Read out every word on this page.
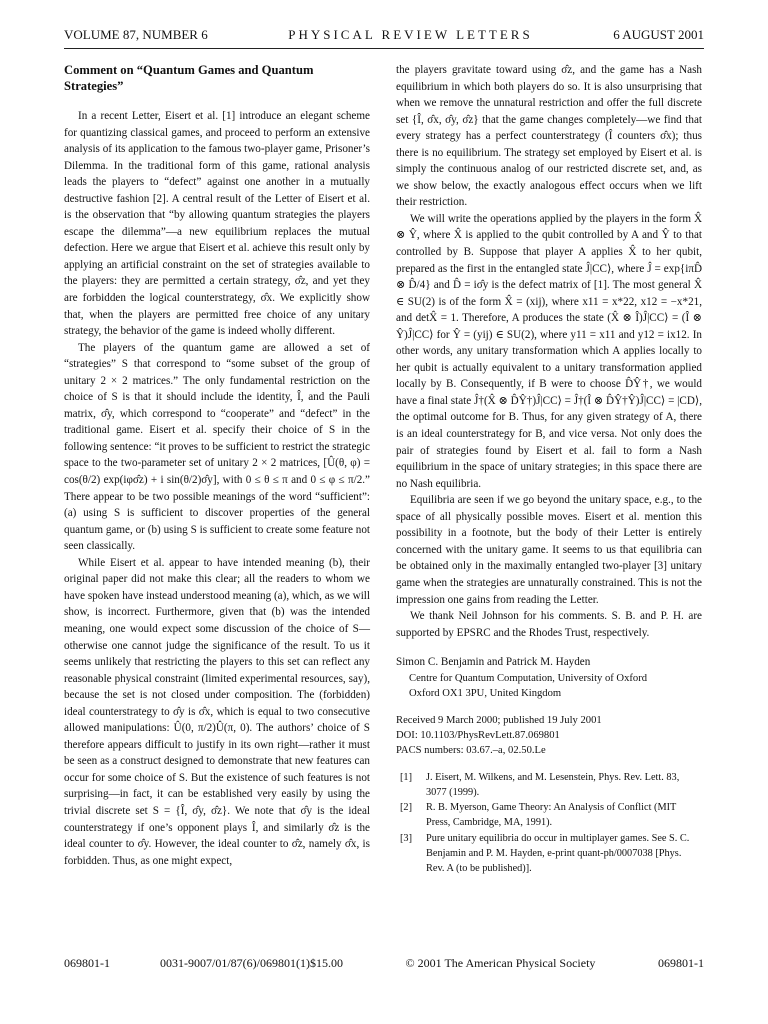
VOLUME 87, NUMBER 6	PHYSICAL REVIEW LETTERS	6 AUGUST 2001
Comment on “Quantum Games and Quantum Strategies”

In a recent Letter, Eisert et al. [1] introduce an elegant scheme for quantizing classical games, and proceed to perform an extensive analysis of its application to the famous two-player game, Prisoner’s Dilemma. In the traditional form of this game, rational analysis leads the players to “defect” against one another in a mutually destructive fashion [2]. A central result of the Letter of Eisert et al. is the observation that “by allowing quantum strategies the players escape the dilemma”—a new equilibrium replaces the mutual defection. Here we argue that Eisert et al. achieve this result only by applying an artificial constraint on the set of strategies available to the players: they are permitted a certain strategy, σ̂z, and yet they are forbidden the logical counterstrategy, σ̂x. We explicitly show that, when the players are permitted free choice of any unitary strategy, the behavior of the game is indeed wholly different.

The players of the quantum game are allowed a set of “strategies” S that correspond to “some subset of the group of unitary 2 × 2 matrices.” The only fundamental restriction on the choice of S is that it should include the identity, Î, and the Pauli matrix, σ̂y, which correspond to “cooperate” and “defect” in the traditional game. Eisert et al. specify their choice of S in the following sentence: “it proves to be sufficient to restrict the strategic space to the two-parameter set of unitary 2 × 2 matrices, [Û(θ, φ) = cos(θ/2) exp(iφσ̂z) + i sin(θ/2)σ̂y], with 0 ≤ θ ≤ π and 0 ≤ φ ≤ π/2.” There appear to be two possible meanings of the word “sufficient”: (a) using S is sufficient to discover properties of the general quantum game, or (b) using S is sufficient to create some feature not seen classically.

While Eisert et al. appear to have intended meaning (b), their original paper did not make this clear; all the readers to whom we have spoken have instead understood meaning (a), which, as we will show, is incorrect. Furthermore, given that (b) was the intended meaning, one would expect some discussion of the choice of S—otherwise one cannot judge the significance of the result. To us it seems unlikely that restricting the players to this set can reflect any reasonable physical constraint (limited experimental resources, say), because the set is not closed under composition. The (forbidden) ideal counterstrategy to σ̂y is σ̂x, which is equal to two consecutive allowed manipulations: Û(0, π/2)Û(π, 0). The authors’ choice of S therefore appears difficult to justify in its own right—rather it must be seen as a construct designed to demonstrate that new features can occur for some choice of S. But the existence of such features is not surprising—in fact, it can be established very easily by using the trivial discrete set S = {Î, σ̂y, σ̂z}. We note that σ̂y is the ideal counterstrategy if one’s opponent plays Î, and similarly σ̂z is the ideal counter to σ̂y. However, the ideal counter to σ̂z, namely σ̂x, is forbidden. Thus, as one might expect,

the players gravitate toward using σ̂z, and the game has a Nash equilibrium in which both players do so. It is also unsurprising that when we remove the unnatural restriction and offer the full discrete set {Î, σ̂x, σ̂y, σ̂z} that the game changes completely—we find that every strategy has a perfect counterstrategy (Î counters σ̂x); thus there is no equilibrium. The strategy set employed by Eisert et al. is simply the continuous analog of our restricted discrete set, and, as we show below, the exactly analogous effect occurs when we lift their restriction.

We will write the operations applied by the players in the form X̂ ⊗ Ŷ, where X̂ is applied to the qubit controlled by A and Ŷ to that controlled by B. Suppose that player A applies X̂ to her qubit, prepared as the first in the entangled state Ĵ|CC⟩, where Ĵ = exp{iπD̂ ⊗ D̂/4} and D̂ = iσ̂y is the defect matrix of [1]. The most general X̂ ∈ SU(2) is of the form X̂ = (xij), where x11 = x*22, x12 = −x*21, and detX̂ = 1. Therefore, A produces the state (X̂ ⊗ Î)Ĵ|CC⟩ = (Î ⊗ Ŷ)Ĵ|CC⟩ for Ŷ = (yij) ∈ SU(2), where y11 = x11 and y12 = ix12. In other words, any unitary transformation which A applies locally to her qubit is actually equivalent to a unitary transformation applied locally by B. Consequently, if B were to choose D̂Ŷ†, we would have a final state Ĵ†(X̂ ⊗ D̂Ŷ†)Ĵ|CC⟩ = Ĵ†(Î ⊗ D̂Ŷ†Ŷ)Ĵ|CC⟩ = |CD⟩, the optimal outcome for B. Thus, for any given strategy of A, there is an ideal counterstrategy for B, and vice versa. Not only does the pair of strategies found by Eisert et al. fail to form a Nash equilibrium in the space of unitary strategies; in this space there are no Nash equilibria.

Equilibria are seen if we go beyond the unitary space, e.g., to the space of all physically possible moves. Eisert et al. mention this possibility in a footnote, but the body of their Letter is entirely concerned with the unitary game. It seems to us that equilibria can be obtained only in the maximally entangled two-player [3] unitary game when the strategies are unnaturally constrained. This is not the impression one gains from reading the Letter.

We thank Neil Johnson for his comments. S. B. and P. H. are supported by EPSRC and the Rhodes Trust, respectively.

Simon C. Benjamin and Patrick M. Hayden
Centre for Quantum Computation, University of Oxford
Oxford OX1 3PU, United Kingdom
Received 9 March 2000; published 19 July 2001
DOI: 10.1103/PhysRevLett.87.069801
PACS numbers: 03.67.–a, 02.50.Le
[1]	J. Eisert, M. Wilkens, and M. Lesenstein, Phys. Rev. Lett. 83, 3077 (1999).
[2]	R. B. Myerson, Game Theory: An Analysis of Conflict (MIT Press, Cambridge, MA, 1991).
[3]	Pure unitary equilibria do occur in multiplayer games. See S. C. Benjamin and P. M. Hayden, e-print quant-ph/0007038 [Phys. Rev. A (to be published)].
069801-1	0031-9007/01/87(6)/069801(1)$15.00	© 2001 The American Physical Society	069801-1
